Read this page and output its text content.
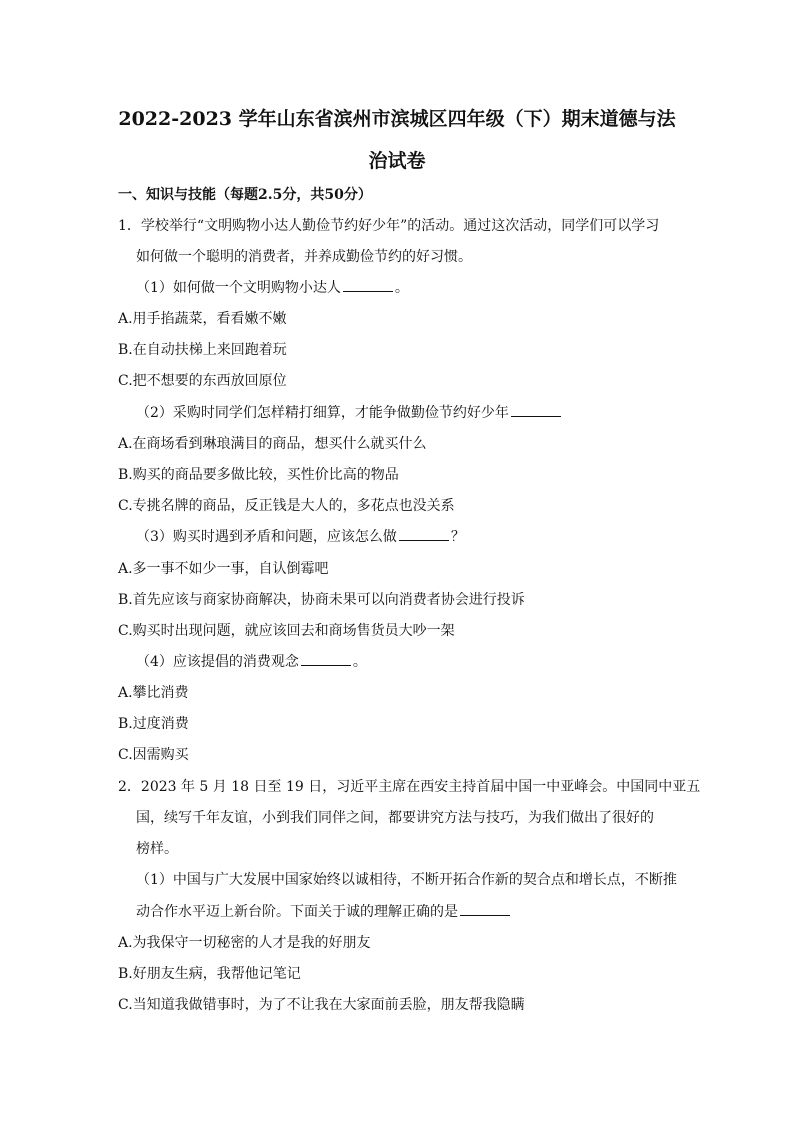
2022-2023 学年山东省滨州市滨城区四年级（下）期末道德与法
治试卷
一、知识与技能（每题2.5分，共50分）
1．学校举行“文明购物小达人勤俭节约好少年”的活动。通过这次活动，同学们可以学习
如何做一个聪明的消费者，并养成勤俭节约的好习惯。
（1）如何做一个文明购物小达人	。
A.用手掐蔬菜，看看嫩不嫩
B.在自动扶梯上来回跑着玩
C.把不想要的东西放回原位
（2）采购时同学们怎样精打细算，才能争做勤俭节约好少年
A.在商场看到琳琅满目的商品，想买什么就买什么
B.购买的商品要多做比较，买性价比高的物品
C.专挑名牌的商品，反正钱是大人的，多花点也没关系
（3）购买时遇到矛盾和问题，应该怎么做	？
A.多一事不如少一事，自认倒霉吧
B.首先应该与商家协商解决，协商未果可以向消费者协会进行投诉
C.购买时出现问题，就应该回去和商场售货员大吵一架
（4）应该提倡的消费观念	。
A.攀比消费
B.过度消费
C.因需购买
2．2023 年 5 月 18 日至 19 日，习近平主席在西安主持首届中国一中亚峰会。中国同中亚五
国，续写千年友谊，小到我们同伴之间，都要讲究方法与技巧，为我们做出了很好的
榜样。
（1）中国与广大发展中国家始终以诚相待，不断开拓合作新的契合点和增长点，不断推
动合作水平迈上新台阶。下面关于诚的理解正确的是
A.为我保守一切秘密的人才是我的好朋友
B.好朋友生病，我帮他记笔记
C.当知道我做错事时，为了不让我在大家面前丢脸，朋友帮我隐瞒
